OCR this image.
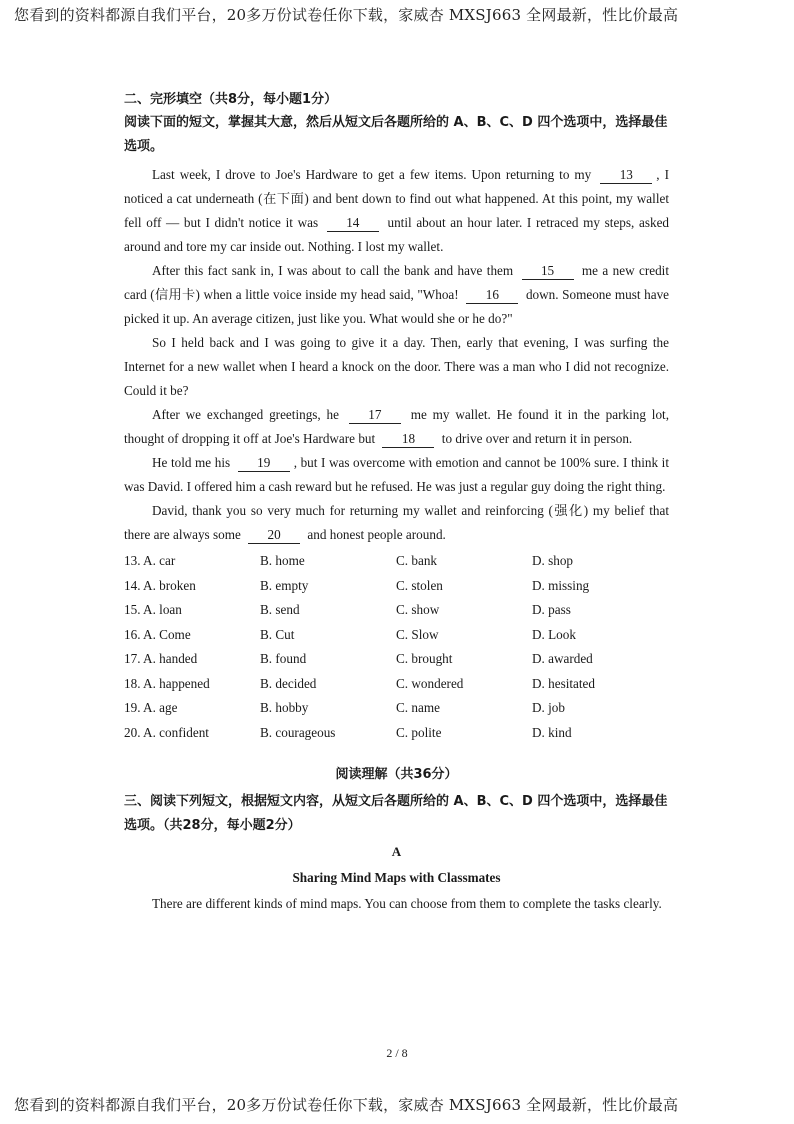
您看到的资料都源自我们平台，20多万份试卷任你下载，家威杏 MXSJ663 全网最新，性比价最高
二、完形填空（共8分，每小题1分）
阅读下面的短文，掌握其大意，然后从短文后各题所给的 A、B、C、D 四个选项中，选择最佳选项。

Last week, I drove to Joe's Hardware to get a few items. Upon returning to my 13 , I noticed a cat underneath (在下面) and bent down to find out what happened. At this point, my wallet fell off — but I didn't notice it was 14 until about an hour later. I retraced my steps, asked around and tore my car inside out. Nothing. I lost my wallet.

After this fact sank in, I was about to call the bank and have them 15 me a new credit card (信用卡) when a little voice inside my head said, "Whoa! 16 down. Someone must have picked it up. An average citizen, just like you. What would she or he do?"

So I held back and I was going to give it a day. Then, early that evening, I was surfing the Internet for a new wallet when I heard a knock on the door. There was a man who I did not recognize. Could it be?

After we exchanged greetings, he 17 me my wallet. He found it in the parking lot, thought of dropping it off at Joe's Hardware but 18 to drive over and return it in person.

He told me his 19 , but I was overcome with emotion and cannot be 100% sure. I think it was David. I offered him a cash reward but he refused. He was just a regular guy doing the right thing.

David, thank you so very much for returning my wallet and reinforcing (强化) my belief that there are always some 20 and honest people around.

13. A. car	B. home	C. bank	D. shop
14. A. broken	B. empty	C. stolen	D. missing
15. A. loan	B. send	C. show	D. pass
16. A. Come	B. Cut	C. Slow	D. Look
17. A. handed	B. found	C. brought	D. awarded
18. A. happened	B. decided	C. wondered	D. hesitated
19. A. age	B. hobby	C. name	D. job
20. A. confident	B. courageous	C. polite	D. kind
阅读理解（共36分）
三、阅读下列短文，根据短文内容，从短文后各题所给的 A、B、C、D 四个选项中，选择最佳选项。（共28分，每小题2分）
A
Sharing Mind Maps with Classmates

There are different kinds of mind maps. You can choose from them to complete the tasks clearly.

2 / 8
您看到的资料都源自我们平台，20多万份试卷任你下载，家威杏 MXSJ663 全网最新，性比价最高
